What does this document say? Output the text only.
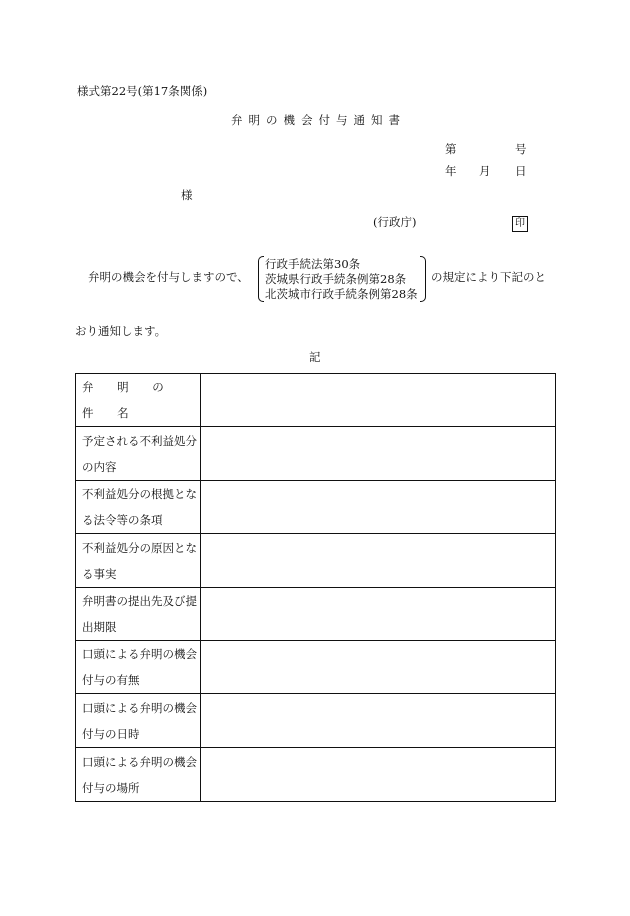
様式第22号(第17条関係)
弁明の機会付与通知書
第	号
年 月 日
様
(行政庁)	印
弁明の機会を付与しますので、
行政手続法第30条
茨城県行政手続条例第28条
北茨城市行政手続条例第28条
の規定により下記のと
おり通知します。
記
弁 明 の 件 名	
予定される不利益処分の内容	
不利益処分の根拠となる法令等の条項	
不利益処分の原因となる事実	
弁明書の提出先及び提出期限	
口頭による弁明の機会付与の有無	
口頭による弁明の機会付与の日時	
口頭による弁明の機会付与の場所	
